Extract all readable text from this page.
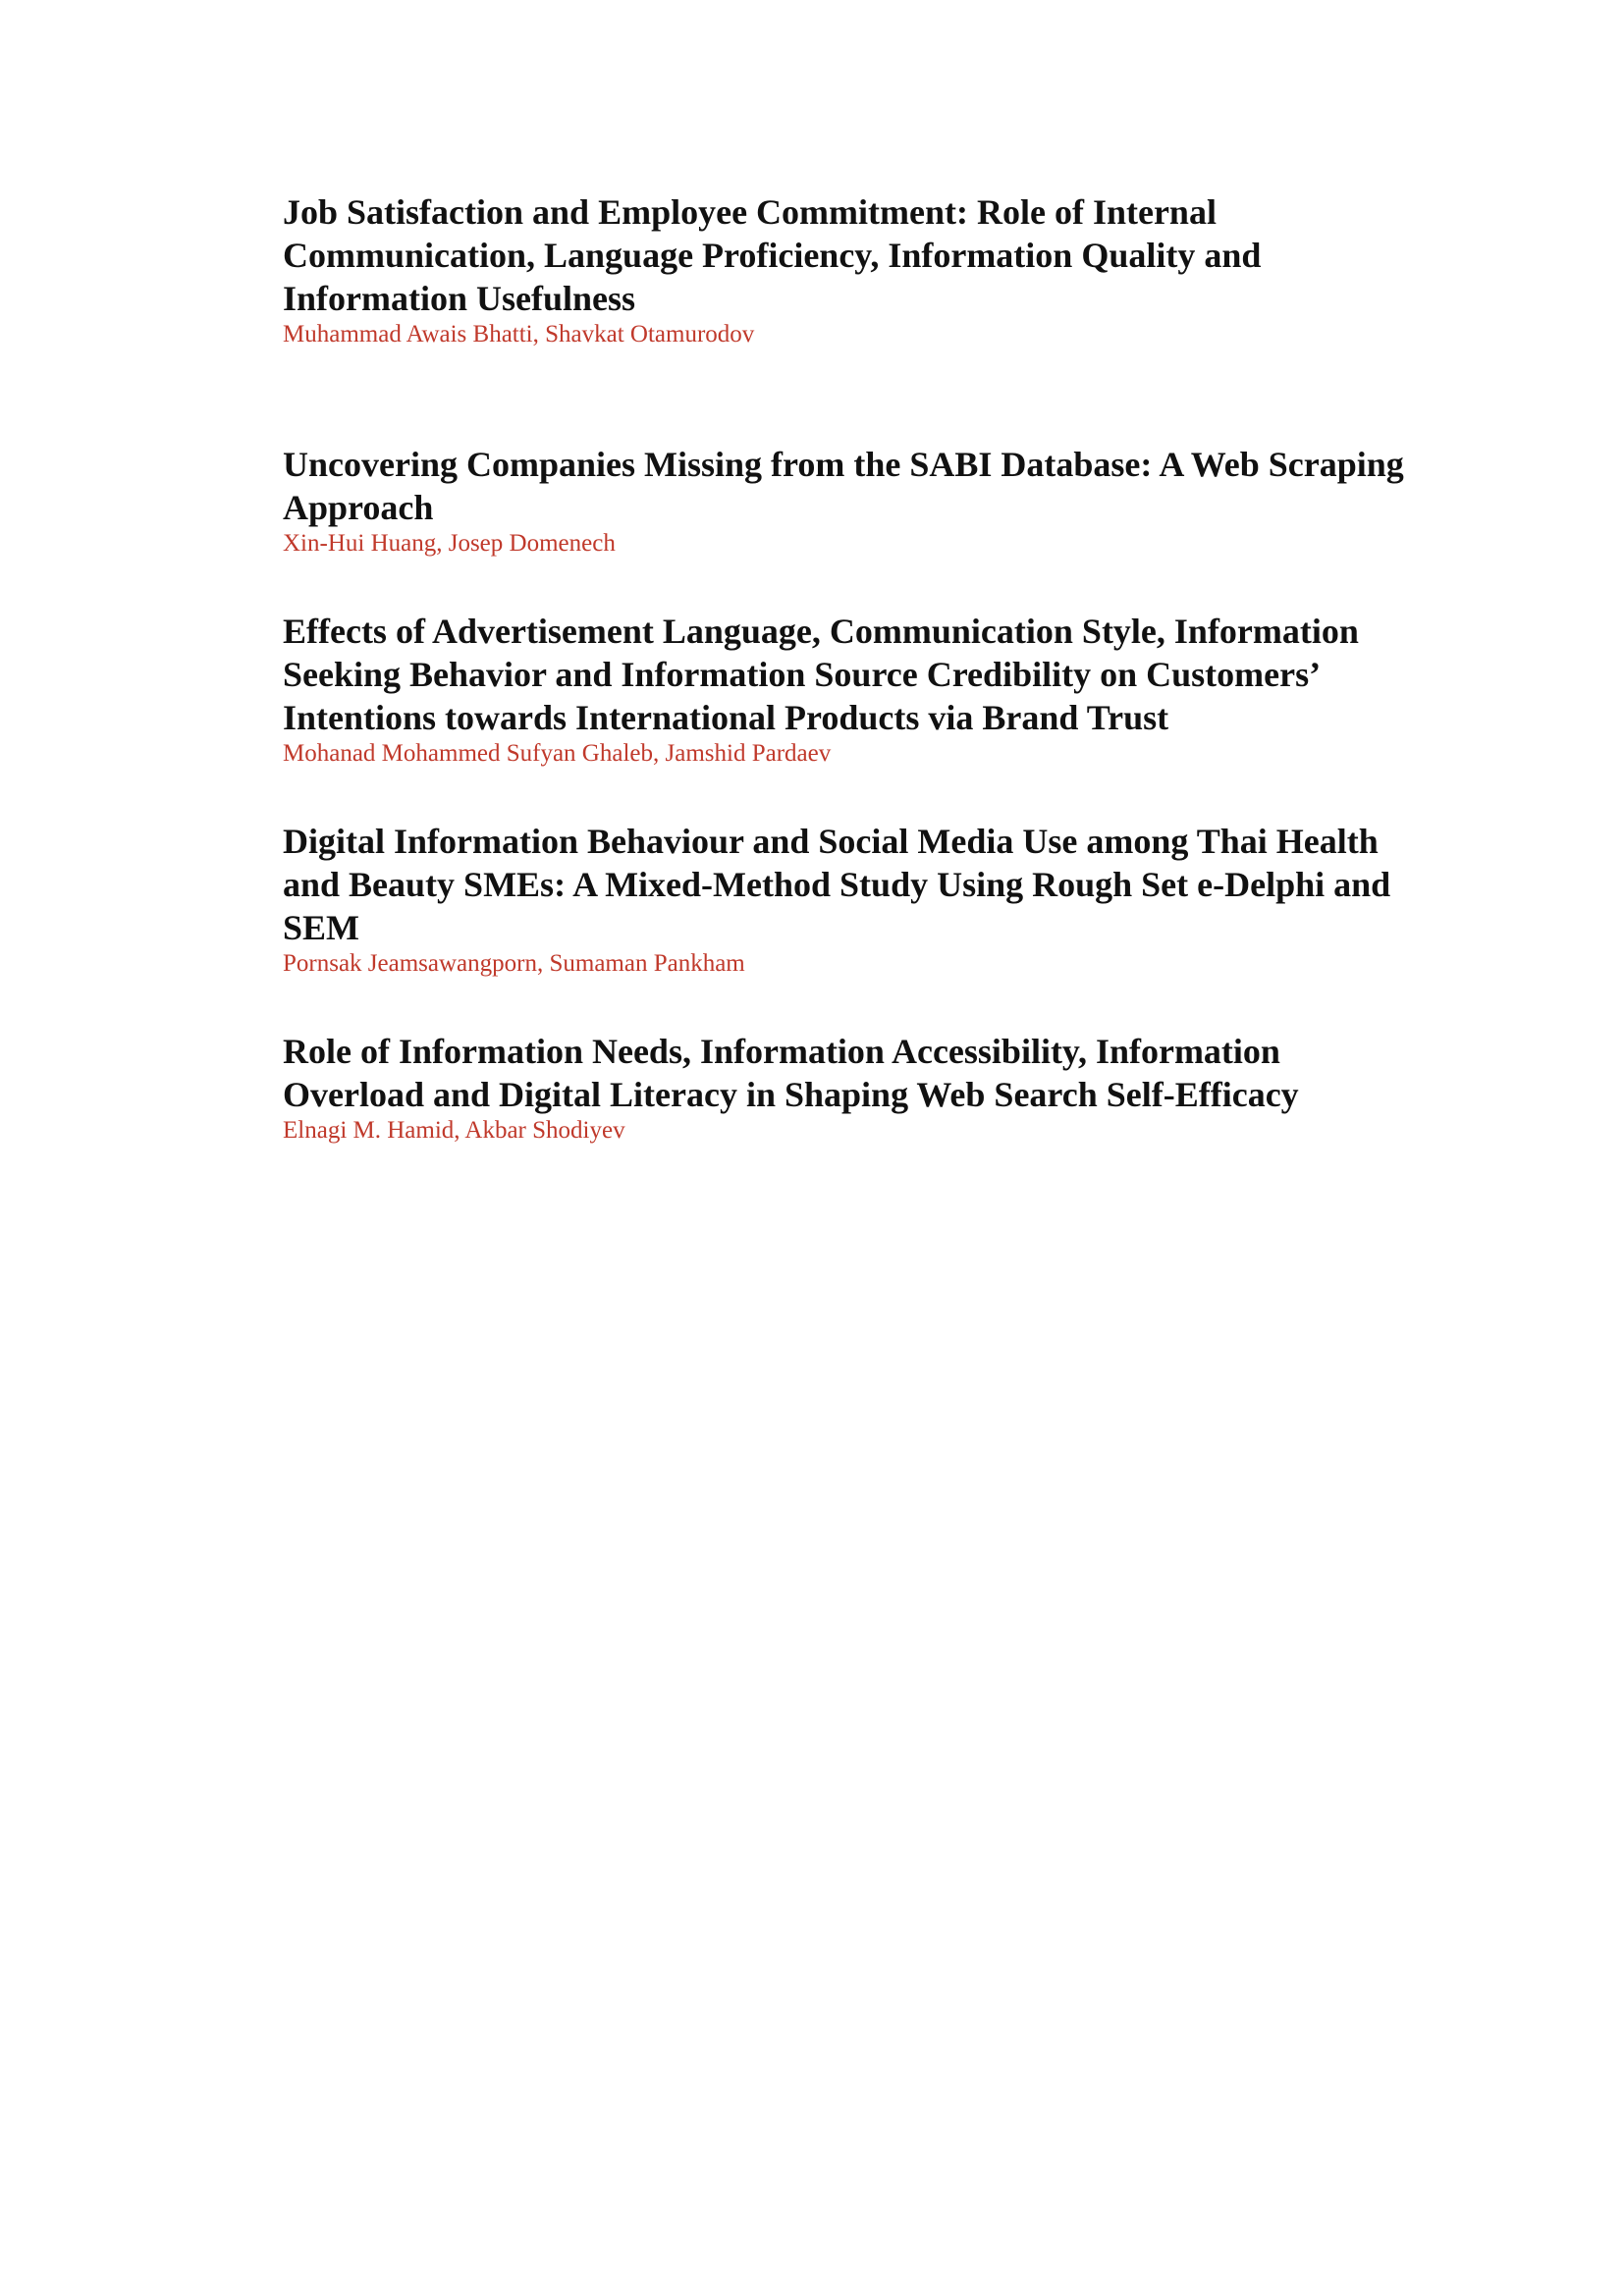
Job Satisfaction and Employee Commitment: Role of Internal Communication, Language Proficiency, Information Quality and Information Usefulness
Muhammad Awais Bhatti, Shavkat Otamurodov
Uncovering Companies Missing from the SABI Database: A Web Scraping Approach
Xin-Hui Huang, Josep Domenech
Effects of Advertisement Language, Communication Style, Information Seeking Behavior and Information Source Credibility on Customers’ Intentions towards International Products via Brand Trust
Mohanad Mohammed Sufyan Ghaleb, Jamshid Pardaev
Digital Information Behaviour and Social Media Use among Thai Health and Beauty SMEs: A Mixed-Method Study Using Rough Set e-Delphi and SEM
Pornsak Jeamsawangporn, Sumaman Pankham
Role of Information Needs, Information Accessibility, Information Overload and Digital Literacy in Shaping Web Search Self-Efficacy
Elnagi M. Hamid, Akbar Shodiyev
